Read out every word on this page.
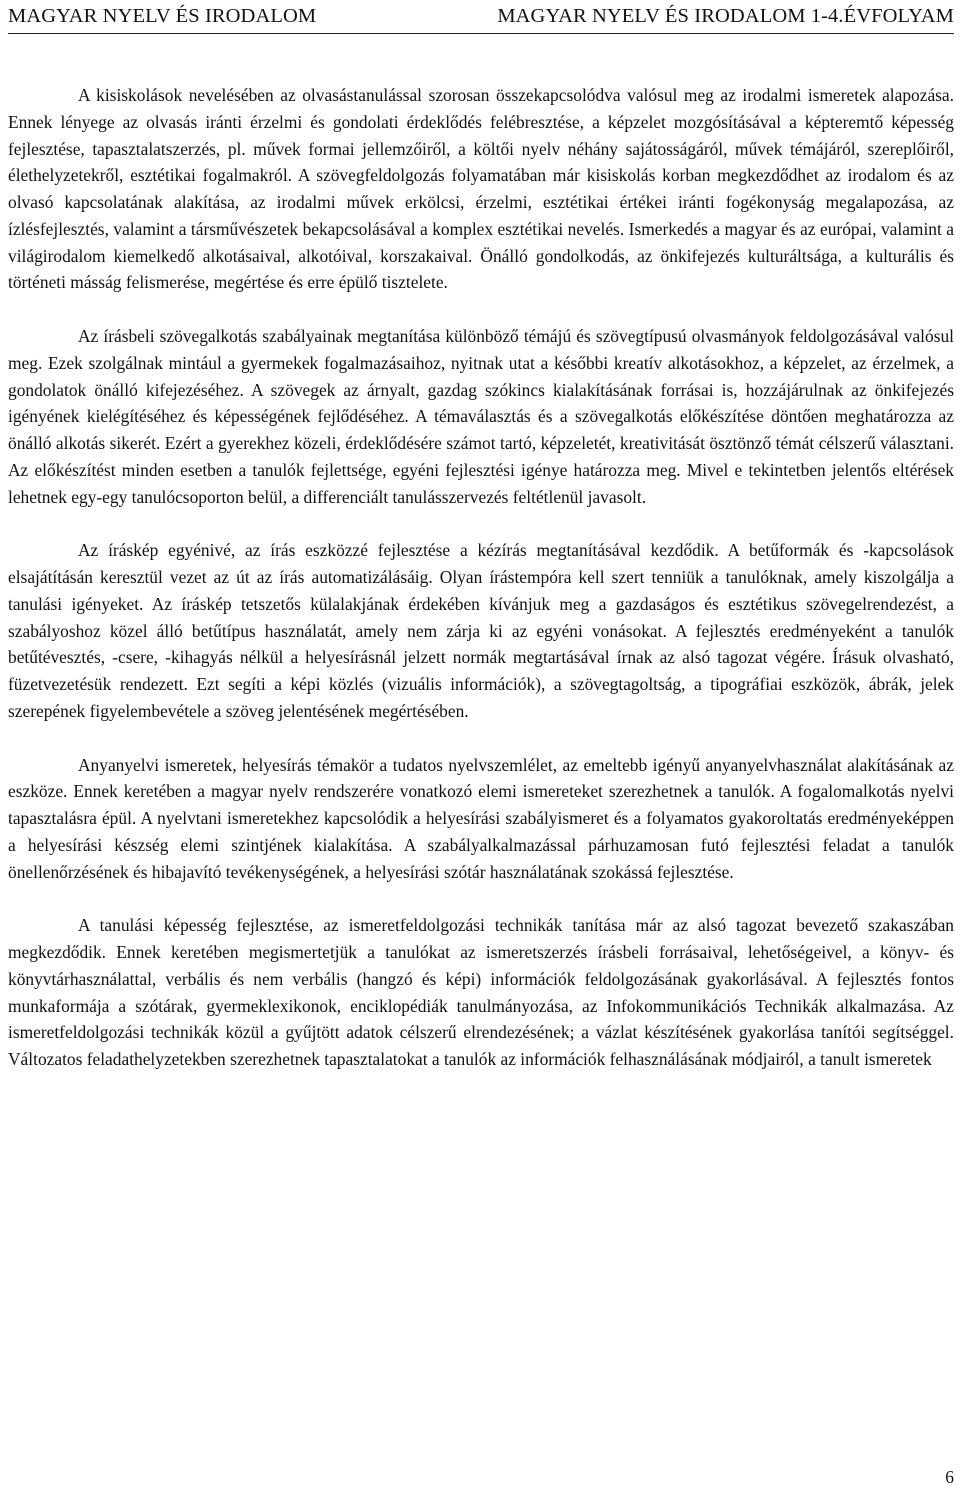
MAGYAR NYELV ÉS IRODALOM	MAGYAR NYELV ÉS IRODALOM 1-4.ÉVFOLYAM

A kisiskolások nevelésében az olvasástanulással szorosan összekapcsolódva valósul meg az irodalmi ismeretek alapozása. Ennek lényege az olvasás iránti érzelmi és gondolati érdeklődés felébresztése, a képzelet mozgósításával a képteremtő képesség fejlesztése, tapasztalatszerzés, pl. művek formai jellemzőiről, a költői nyelv néhány sajátosságáról, művek témájáról, szereplőiről, élethelyzetekről, esztétikai fogalmakról. A szövegfeldolgozás folyamatában már kisiskolás korban megkezdődhet az irodalom és az olvasó kapcsolatának alakítása, az irodalmi művek erkölcsi, érzelmi, esztétikai értékei iránti fogékonyság megalapozása, az ízlésfejlesztés, valamint a társművészetek bekapcsolásával a komplex esztétikai nevelés. Ismerkedés a magyar és az európai, valamint a világirodalom kiemelkedő alkotásaival, alkotóival, korszakaival. Önálló gondolkodás, az önkifejezés kulturáltsága, a kulturális és történeti másság felismerése, megértése és erre épülő tisztelete.

Az írásbeli szövegalkotás szabályainak megtanítása különböző témájú és szövegtípusú olvasmányok feldolgozásával valósul meg. Ezek szolgálnak mintául a gyermekek fogalmazásaihoz, nyitnak utat a későbbi kreatív alkotásokhoz, a képzelet, az érzelmek, a gondolatok önálló kifejezéséhez. A szövegek az árnyalt, gazdag szókincs kialakításának forrásai is, hozzájárulnak az önkifejezés igényének kielégítéséhez és képességének fejlődéséhez. A témaválasztás és a szövegalkotás előkészítése döntően meghatározza az önálló alkotás sikerét. Ezért a gyerekhez közeli, érdeklődésére számot tartó, képzeletét, kreativitását ösztönző témát célszerű választani. Az előkészítést minden esetben a tanulók fejlettsége, egyéni fejlesztési igénye határozza meg. Mivel e tekintetben jelentős eltérések lehetnek egy-egy tanulócsoporton belül, a differenciált tanulásszervezés feltétlenül javasolt.

Az íráskép egyénivé, az írás eszközzé fejlesztése a kézírás megtanításával kezdődik. A betűformák és -kapcsolások elsajátításán keresztül vezet az út az írás automatizálásáig. Olyan írástempóra kell szert tenniük a tanulóknak, amely kiszolgálja a tanulási igényeket. Az íráskép tetszetős külalakjának érdekében kívánjuk meg a gazdaságos és esztétikus szövegelrendezést, a szabályoshoz közel álló betűtípus használatát, amely nem zárja ki az egyéni vonásokat. A fejlesztés eredményeként a tanulók betűtévesztés, -csere, -kihagyás nélkül a helyesírásnál jelzett normák megtartásával írnak az alsó tagozat végére. Írásuk olvasható, füzetvezetésük rendezett. Ezt segíti a képi közlés (vizuális információk), a szövegtagoltság, a tipográfiai eszközök, ábrák, jelek szerepének figyelembevétele a szöveg jelentésének megértésében.

Anyanyelvi ismeretek, helyesírás témakör a tudatos nyelvszemlélet, az emeltebb igényű anyanyelvhasználat alakításának az eszköze. Ennek keretében a magyar nyelv rendszerére vonatkozó elemi ismereteket szerezhetnek a tanulók. A fogalomalkotás nyelvi tapasztalásra épül. A nyelvtani ismeretekhez kapcsolódik a helyesírási szabályismeret és a folyamatos gyakoroltatás eredményeképpen a helyesírási készség elemi szintjének kialakítása. A szabályalkalmazással párhuzamosan futó fejlesztési feladat a tanulók önellenőrzésének és hibajavító tevékenységének, a helyesírási szótár használatának szokássá fejlesztése.

A tanulási képesség fejlesztése, az ismeretfeldolgozási technikák tanítása már az alsó tagozat bevezető szakaszában megkezdődik. Ennek keretében megismertetjük a tanulókat az ismeretszerzés írásbeli forrásaival, lehetőségeivel, a könyv- és könyvtárhasználattal, verbális és nem verbális (hangzó és képi) információk feldolgozásának gyakorlásával. A fejlesztés fontos munkaformája a szótárak, gyermeklexikonok, enciklopédiák tanulmányozása, az Infokommunikációs Technikák alkalmazása. Az ismeretfeldolgozási technikák közül a gyűjtött adatok célszerű elrendezésének; a vázlat készítésének gyakorlása tanítói segítséggel. Változatos feladathelyzetekben szerezhetnek tapasztalatokat a tanulók az információk felhasználásának módjairól, a tanult ismeretek

6
